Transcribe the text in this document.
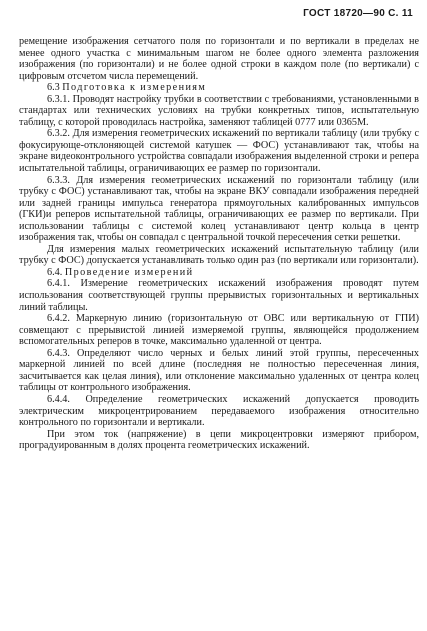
ГОСТ 18720—90 С. 11

ремещение изображения сетчатого поля по горизонтали и по вертикали в пределах не менее одного участка с минимальным шагом не более одного элемента разложения изображения (по горизонтали) и не более одной строки в каждом поле (по вертикали) с цифровым отсчетом числа перемещений.

6.3 Подготовка к измерениям

6.3.1. Проводят настройку трубки в соответствии с требованиями, установленными в стандартах или технических условиях на трубки конкретных типов, испытательную таблицу, с которой проводилась настройка, заменяют таблицей 0777 или 0365М.

6.3.2. Для измерения геометрических искажений по вертикали таблицу (или трубку с фокусирующе-отклоняющей системой катушек — ФОС) устанавливают так, чтобы на экране видеоконтрольного устройства совпадали изображения выделенной строки и репера испытательной таблицы, ограничивающих ее размер по горизонтали.

6.3.3. Для измерения геометрических искажений по горизонтали таблицу (или трубку с ФОС) устанавливают так, чтобы на экране ВКУ совпадали изображения передней или задней границы импульса генератора прямоугольных калиброванных импульсов (ГКИ)и реперов испытательной таблицы, ограничивающих ее размер по вертикали. При использовании таблицы с системой колец устанавливают центр кольца в центр изображения так, чтобы он совпадал с центральной точкой пересечения сетки решетки.

Для измерения малых геометрических искажений испытательную таблицу (или трубку с ФОС) допускается устанавливать только один раз (по вертикали или горизонтали).

6.4. Проведение измерений

6.4.1. Измерение геометрических искажений изображения проводят путем использования соответствующей группы прерывистых горизонтальных и вертикальных линий таблицы.

6.4.2. Маркерную линию (горизонтальную от ОВС или вертикальную от ГПИ) совмещают с прерывистой линией измеряемой группы, являющейся продолжением вспомогательных реперов в точке, максимально удаленной от центра.

6.4.3. Определяют число черных и белых линий этой группы, пересеченных маркерной линией по всей длине (последняя не полностью пересеченная линия, засчитывается как целая линия), или отклонение максимально удаленных от центра колец таблицы от контрольного изображения.

6.4.4. Определение геометрических искажений допускается проводить электрическим микроцентрированием передаваемого изображения относительно контрольного по горизонтали и вертикали.

При этом ток (напряжение) в цепи микроцентровки измеряют прибором, проградуированным в долях процента геометрических искажений.
